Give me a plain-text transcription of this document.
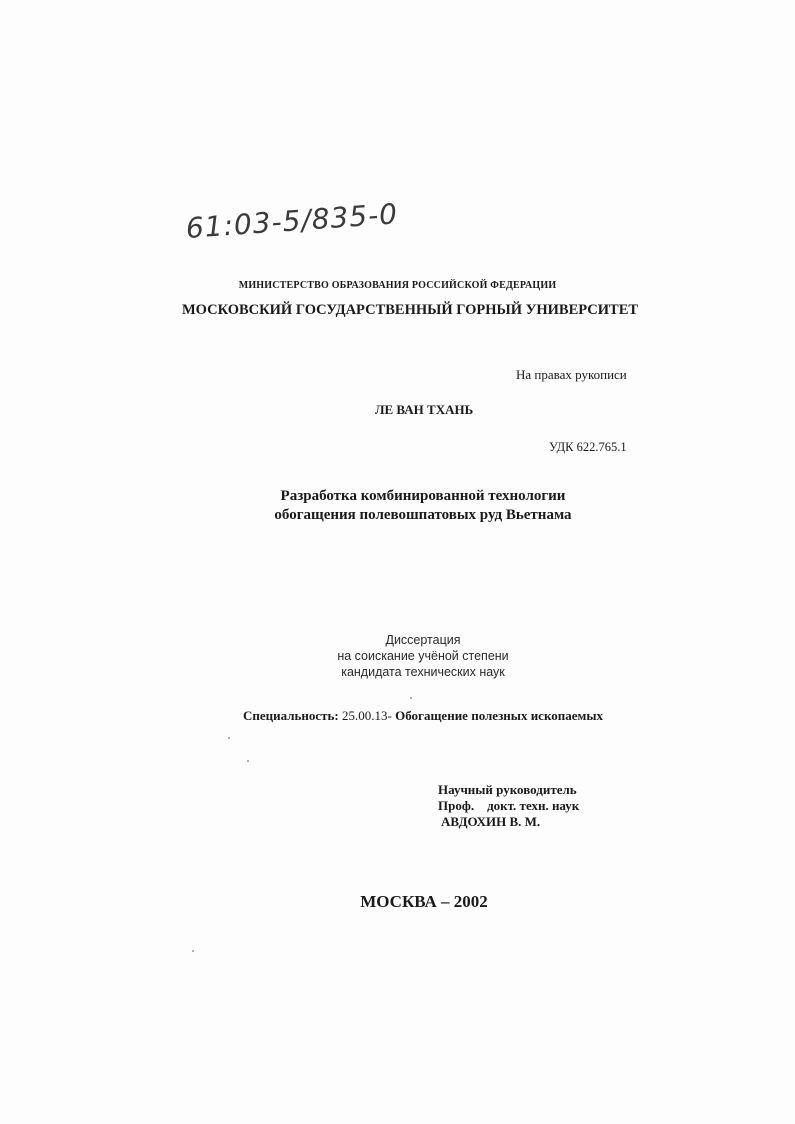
61:03-5/835-0
МИНИСТЕРСТВО ОБРАЗОВАНИЯ РОССИЙСКОЙ ФЕДЕРАЦИИ
МОСКОВСКИЙ ГОСУДАРСТВЕННЫЙ ГОРНЫЙ УНИВЕРСИТЕТ
На правах рукописи
ЛЕ ВАН ТХАНЬ
УДК 622.765.1
Разработка комбинированной технологии
обогащения полевошпатовых руд Вьетнама
Диссертация
на соискание учёной степени
кандидата технических наук
Специальность: 25.00.13- Обогащение полезных ископаемых
Научный руководитель
Проф.    докт. техн. наук
АВДОХИН В. М.
МОСКВА – 2002
